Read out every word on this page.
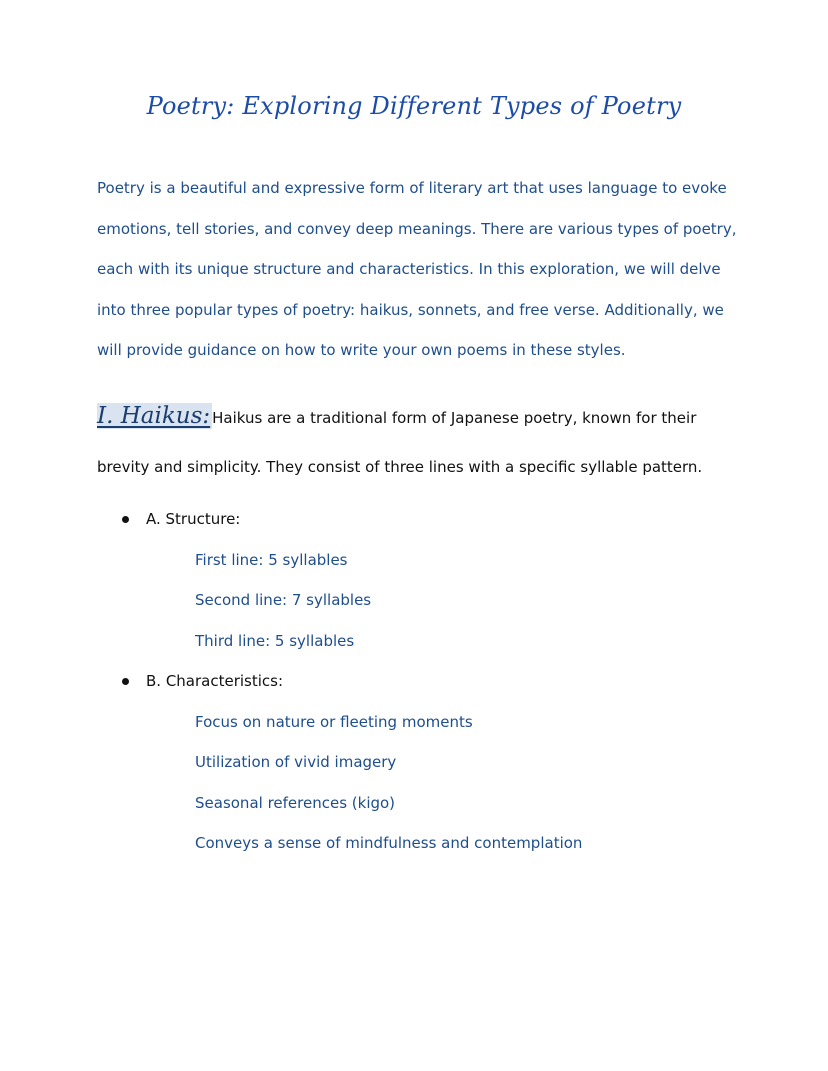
Poetry: Exploring Different Types of Poetry

Poetry is a beautiful and expressive form of literary art that uses language to evoke emotions, tell stories, and convey deep meanings. There are various types of poetry, each with its unique structure and characteristics. In this exploration, we will delve into three popular types of poetry: haikus, sonnets, and free verse. Additionally, we will provide guidance on how to write your own poems in these styles.

I. Haikus: Haikus are a traditional form of Japanese poetry, known for their brevity and simplicity. They consist of three lines with a specific syllable pattern.

A. Structure:
First line: 5 syllables
Second line: 7 syllables
Third line: 5 syllables
B. Characteristics:
Focus on nature or fleeting moments
Utilization of vivid imagery
Seasonal references (kigo)
Conveys a sense of mindfulness and contemplation
